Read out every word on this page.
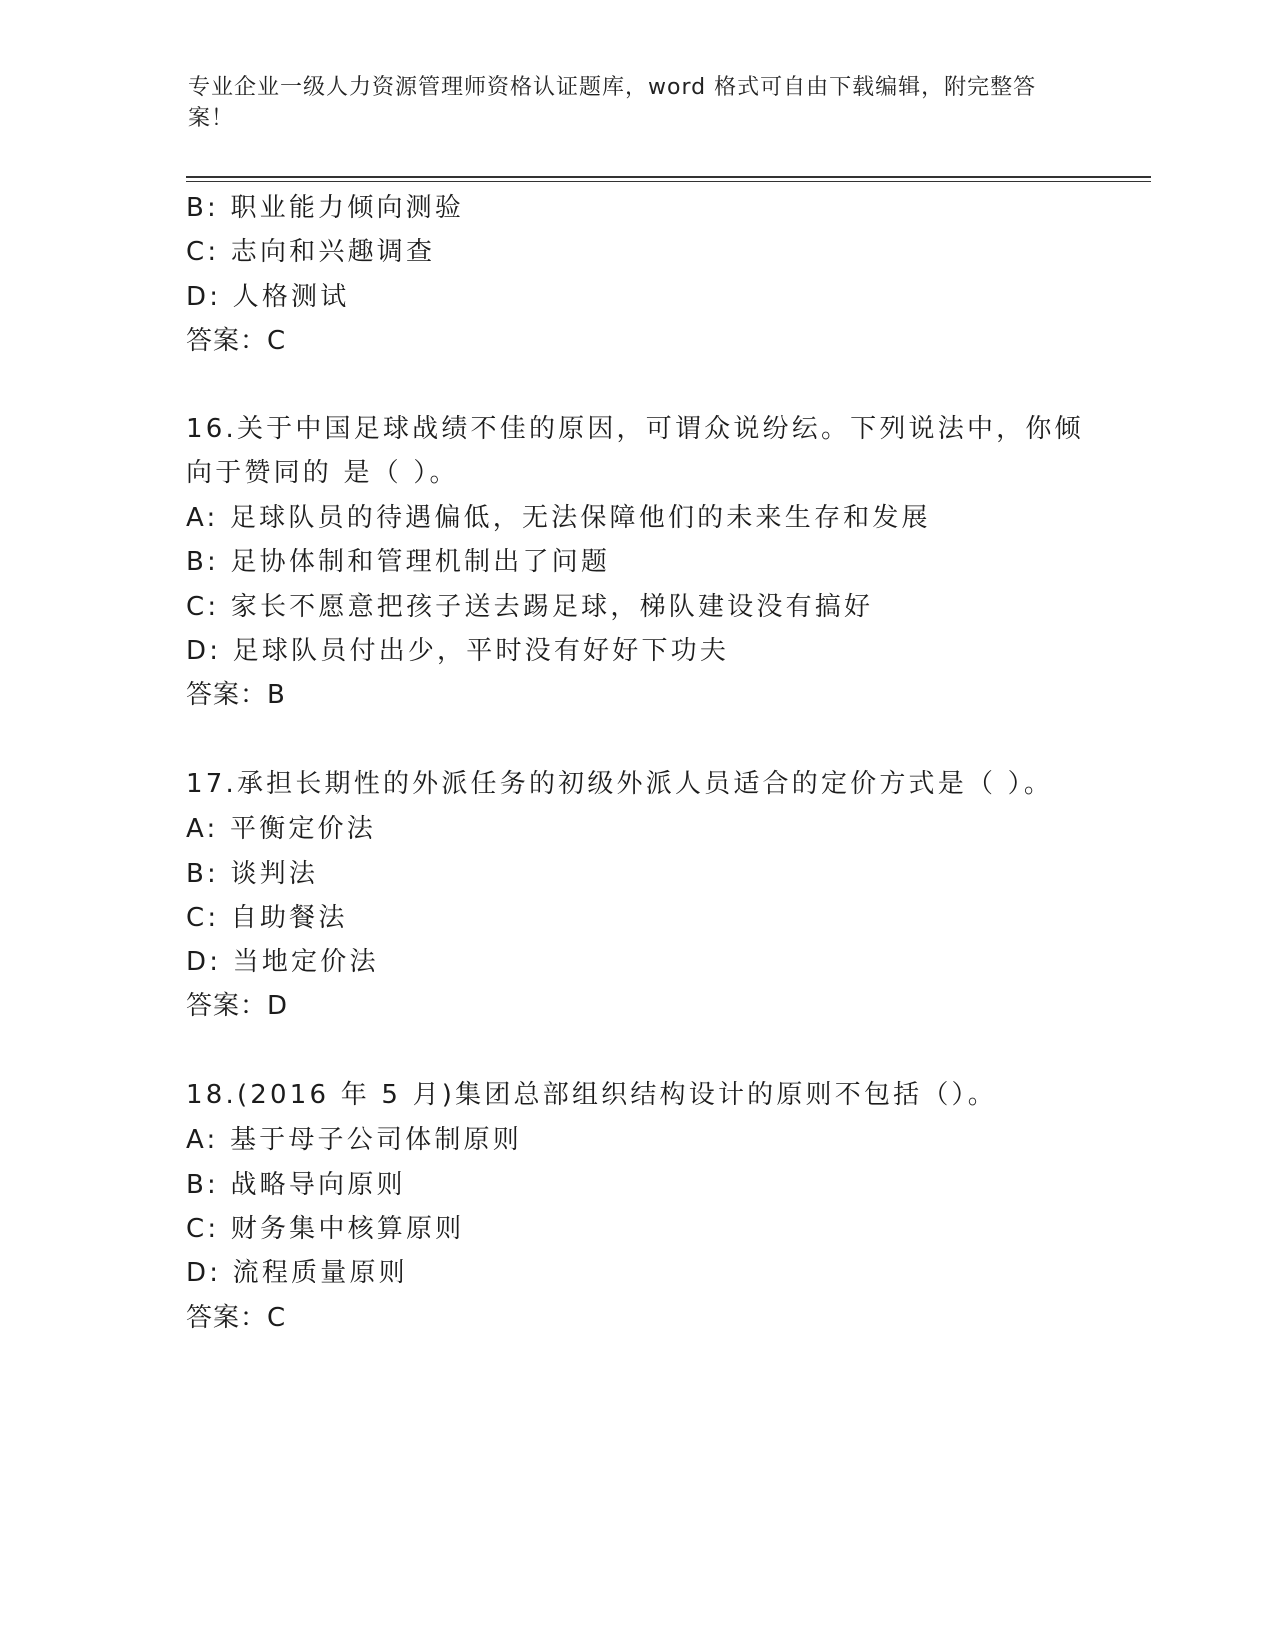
专业企业一级人力资源管理师资格认证题库，word 格式可自由下载编辑，附完整答案！
B: 职业能力倾向测验
C: 志向和兴趣调查
D: 人格测试
答案：C
16.关于中国足球战绩不佳的原因，可谓众说纷纭。下列说法中，你倾
向于赞同的 是（ ）。
A: 足球队员的待遇偏低，无法保障他们的未来生存和发展
B: 足协体制和管理机制出了问题
C: 家长不愿意把孩子送去踢足球，梯队建设没有搞好
D: 足球队员付出少，平时没有好好下功夫
答案：B
17.承担长期性的外派任务的初级外派人员适合的定价方式是（ ）。
A: 平衡定价法
B: 谈判法
C: 自助餐法
D: 当地定价法
答案：D
18.(2016 年 5 月)集团总部组织结构设计的原则不包括（）。
A: 基于母子公司体制原则
B: 战略导向原则
C: 财务集中核算原则
D: 流程质量原则
答案：C
